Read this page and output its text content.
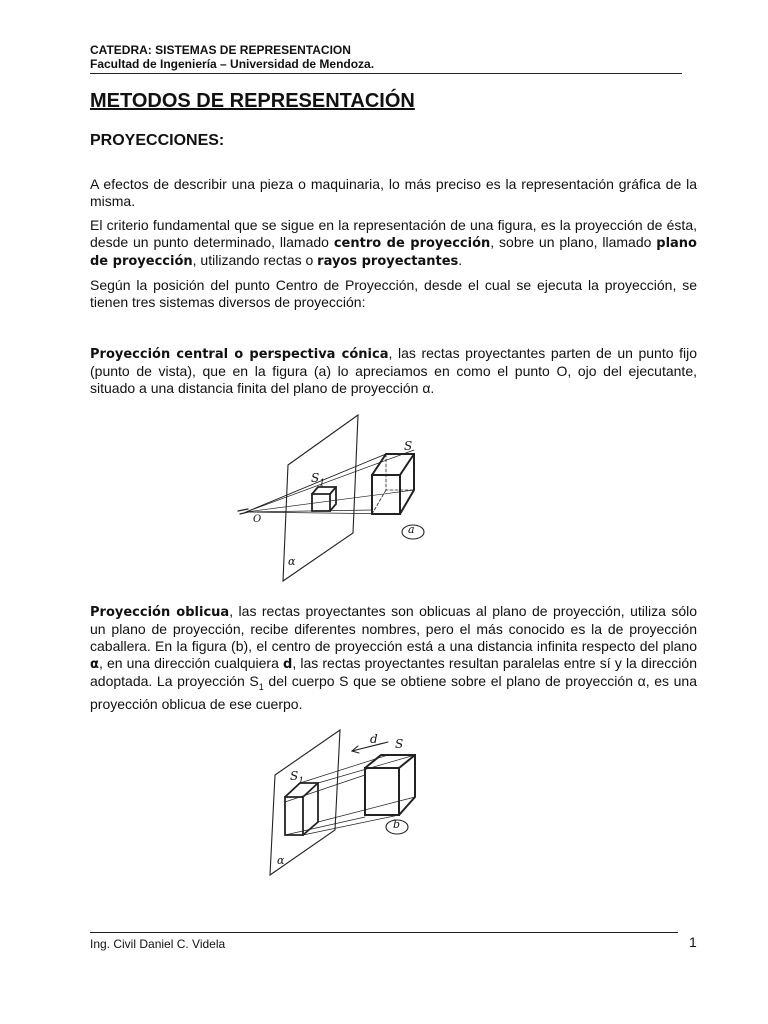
CATEDRA: SISTEMAS DE REPRESENTACION
Facultad de Ingeniería – Universidad de Mendoza.
METODOS DE REPRESENTACIÓN
PROYECCIONES:

A efectos de describir una pieza o maquinaria, lo más preciso es la representación gráfica de la misma.

El criterio fundamental que se sigue en la representación de una figura, es la proyección de ésta, desde un punto determinado, llamado centro de proyección, sobre un plano, llamado plano de proyección, utilizando rectas o rayos proyectantes.

Según la posición del punto Centro de Proyección, desde el cual se ejecuta la proyección, se tienen tres sistemas diversos de proyección:

Proyección central o perspectiva cónica, las rectas proyectantes parten de un punto fijo (punto de vista), que en la figura (a) lo apreciamos en como el punto O, ojo del ejecutante, situado a una distancia finita del plano de proyección α.

S
$S_1$
α
O
a

Proyección oblicua, las rectas proyectantes son oblicuas al plano de proyección, utiliza sólo un plano de proyección, recibe diferentes nombres, pero el más conocido es la de proyección caballera. En la figura (b), el centro de proyección está a una distancia infinita respecto del plano α, en una dirección cualquiera d, las rectas proyectantes resultan paralelas entre sí y la dirección adoptada. La proyección $S_1$ del cuerpo S que se obtiene sobre el plano de proyección α, es una proyección oblicua de ese cuerpo.

S
$S_1$
α
d
b
Ing. Civil Daniel C. Videla	1
